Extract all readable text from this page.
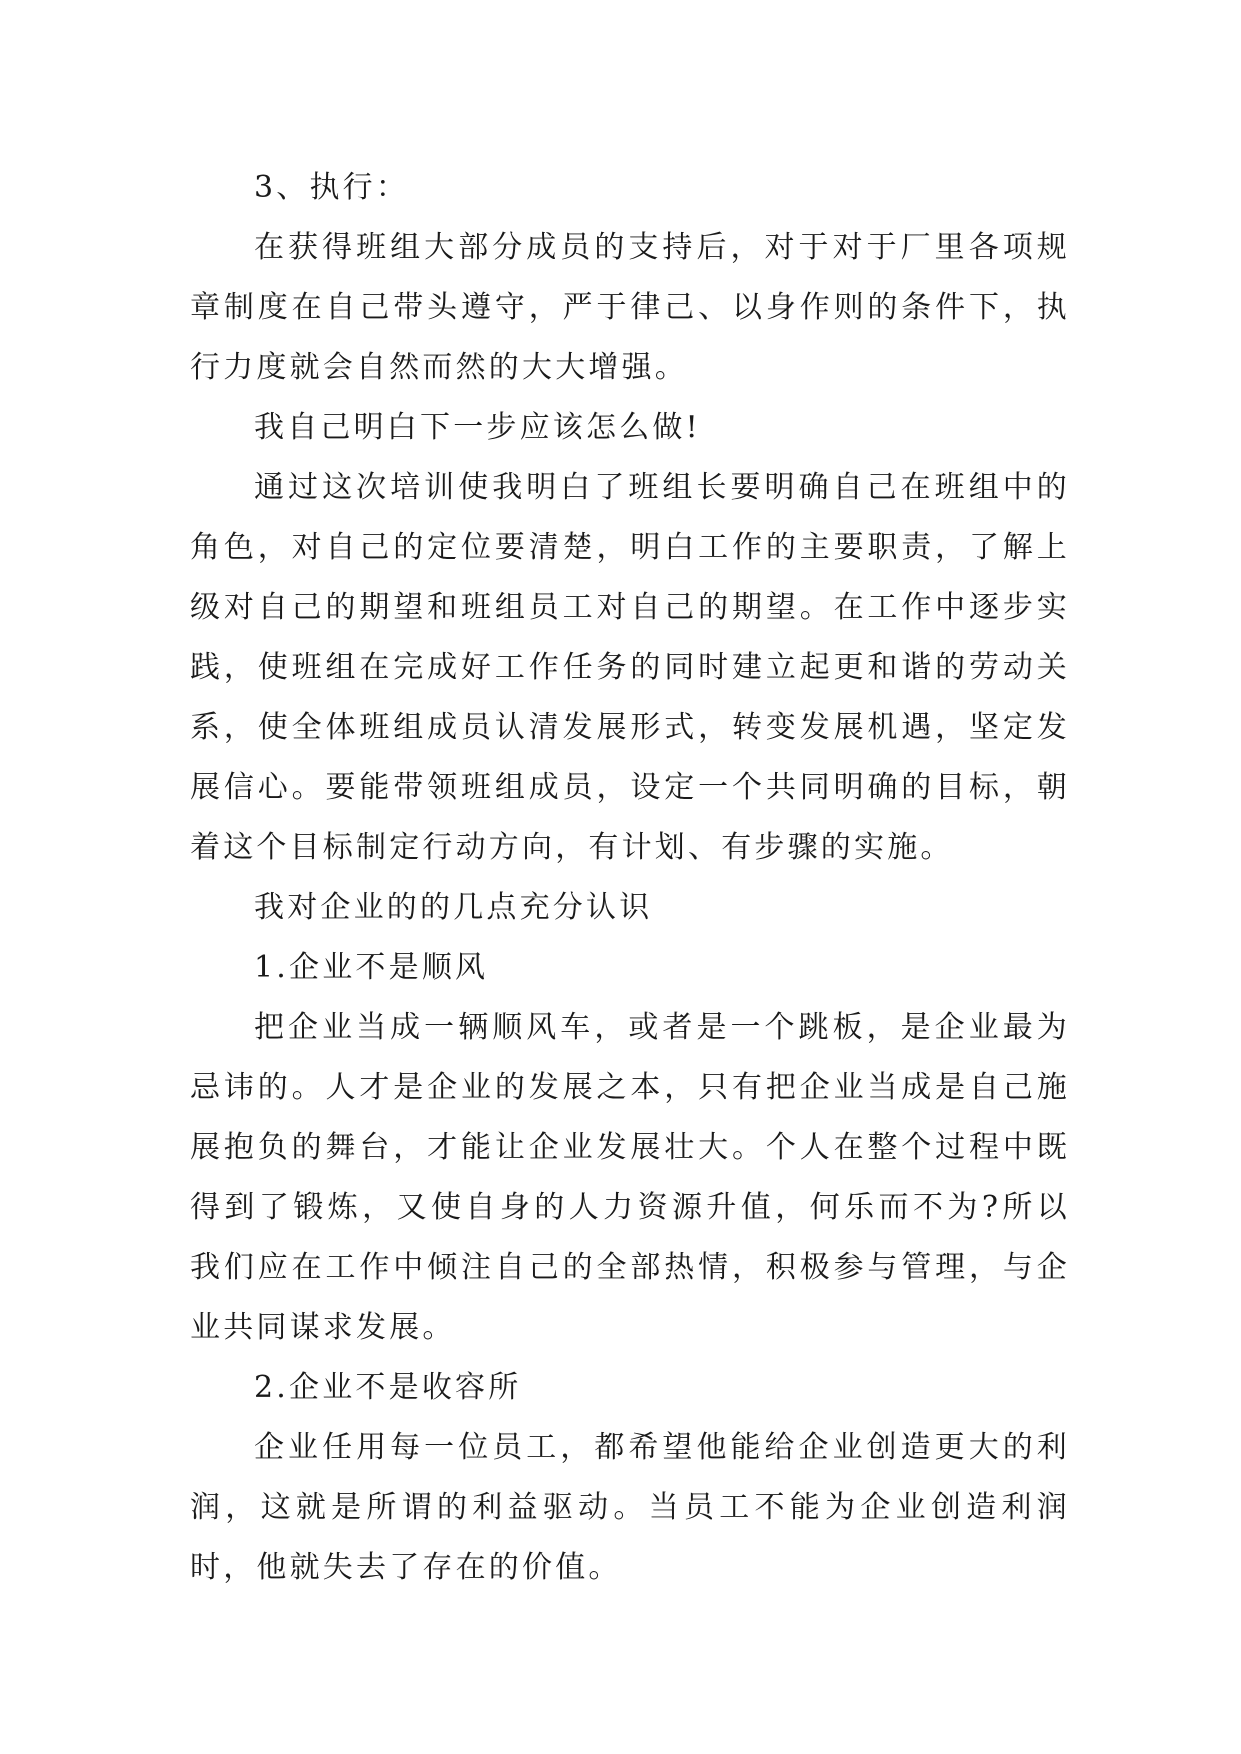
3、执行：

在获得班组大部分成员的支持后，对于对于厂里各项规章制度在自己带头遵守，严于律己、以身作则的条件下，执行力度就会自然而然的大大增强。

我自己明白下一步应该怎么做!

通过这次培训使我明白了班组长要明确自己在班组中的角色，对自己的定位要清楚，明白工作的主要职责，了解上级对自己的期望和班组员工对自己的期望。在工作中逐步实践，使班组在完成好工作任务的同时建立起更和谐的劳动关系，使全体班组成员认清发展形式，转变发展机遇，坚定发展信心。要能带领班组成员，设定一个共同明确的目标，朝着这个目标制定行动方向，有计划、有步骤的实施。

我对企业的的几点充分认识

1.企业不是顺风

把企业当成一辆顺风车，或者是一个跳板，是企业最为忌讳的。人才是企业的发展之本，只有把企业当成是自己施展抱负的舞台，才能让企业发展壮大。个人在整个过程中既得到了锻炼，又使自身的人力资源升值，何乐而不为?所以我们应在工作中倾注自己的全部热情，积极参与管理，与企业共同谋求发展。

2.企业不是收容所

企业任用每一位员工，都希望他能给企业创造更大的利润，这就是所谓的利益驱动。当员工不能为企业创造利润时，他就失去了存在的价值。
